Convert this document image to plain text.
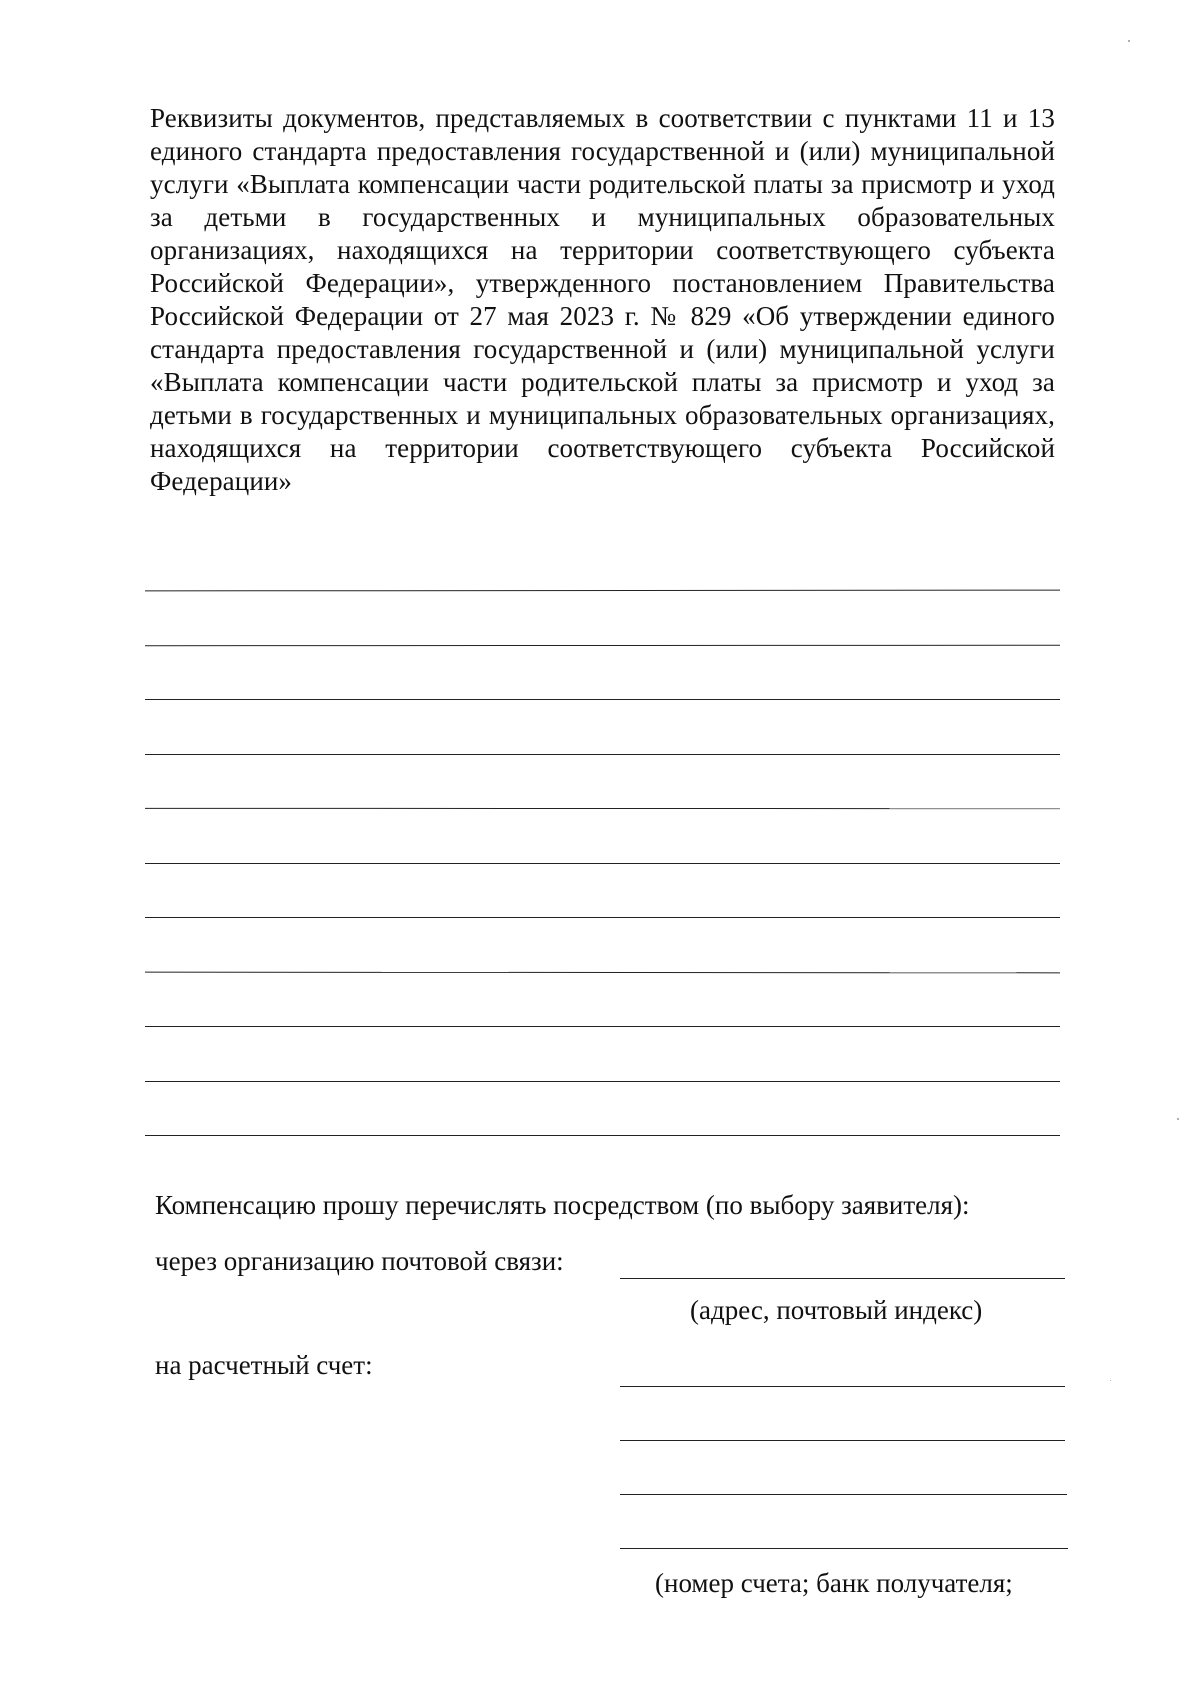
Реквизиты документов, представляемых в соответствии с пунктами 11 и 13 единого стандарта предоставления государственной и (или) муниципальной услуги «Выплата компенсации части родительской платы за присмотр и уход за детьми в государственных и муниципальных образовательных организациях, находящихся на территории соответствующего субъекта Российской Федерации», утвержденного постановлением Правительства Российской Федерации от 27 мая 2023 г. № 829 «Об утверждении единого стандарта предоставления государственной и (или) муниципальной услуги «Выплата компенсации части родительской платы за присмотр и уход за детьми в государственных и муниципальных образовательных организациях, находящихся на территории соответствующего субъекта Российской Федерации»

Компенсацию прошу перечислять посредством (по выбору заявителя):

через организацию почтовой связи:

(адрес, почтовый индекс)

на расчетный счет:

(номер счета; банк получателя;
